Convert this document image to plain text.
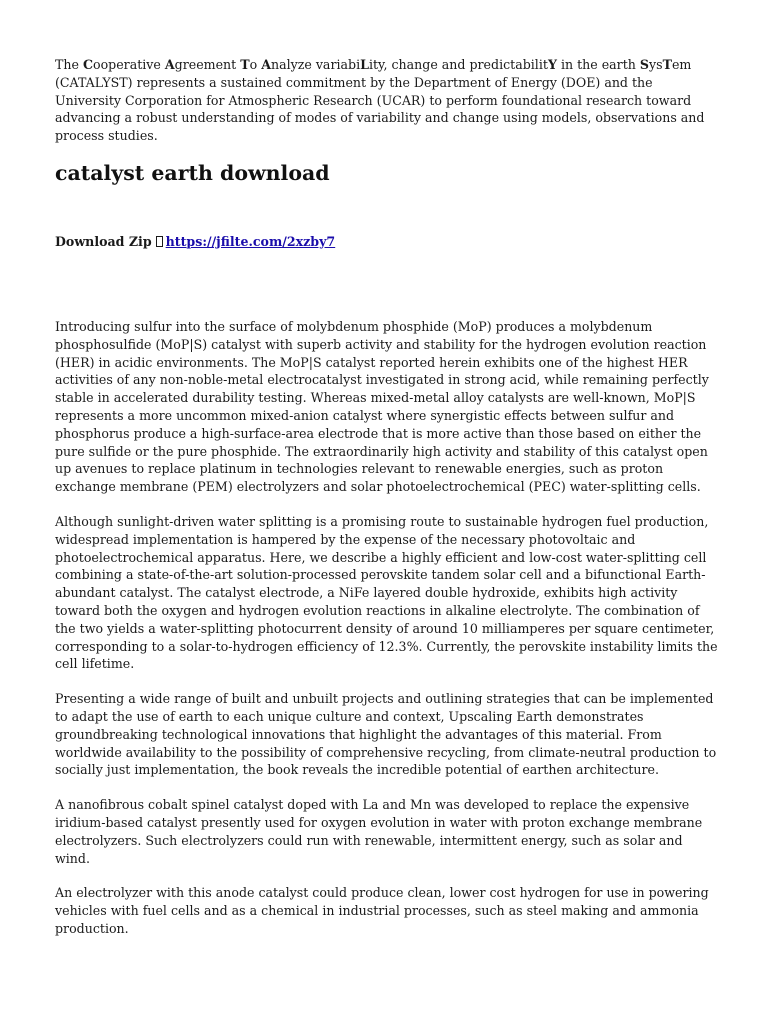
The Cooperative Agreement To Analyze variabiLity, change and predictabilitY in the earth SysTem (CATALYST) represents a sustained commitment by the Department of Energy (DOE) and the University Corporation for Atmospheric Research (UCAR) to perform foundational research toward advancing a robust understanding of modes of variability and change using models, observations and process studies.

catalyst earth download
Download Zip https://jfilte.com/2xzby7

Introducing sulfur into the surface of molybdenum phosphide (MoP) produces a molybdenum phosphosulfide (MoP|S) catalyst with superb activity and stability for the hydrogen evolution reaction (HER) in acidic environments. The MoP|S catalyst reported herein exhibits one of the highest HER activities of any non-noble-metal electrocatalyst investigated in strong acid, while remaining perfectly stable in accelerated durability testing. Whereas mixed-metal alloy catalysts are well-known, MoP|S represents a more uncommon mixed-anion catalyst where synergistic effects between sulfur and phosphorus produce a high-surface-area electrode that is more active than those based on either the pure sulfide or the pure phosphide. The extraordinarily high activity and stability of this catalyst open up avenues to replace platinum in technologies relevant to renewable energies, such as proton exchange membrane (PEM) electrolyzers and solar photoelectrochemical (PEC) water-splitting cells.

Although sunlight-driven water splitting is a promising route to sustainable hydrogen fuel production, widespread implementation is hampered by the expense of the necessary photovoltaic and photoelectrochemical apparatus. Here, we describe a highly efficient and low-cost water-splitting cell combining a state-of-the-art solution-processed perovskite tandem solar cell and a bifunctional Earth-abundant catalyst. The catalyst electrode, a NiFe layered double hydroxide, exhibits high activity toward both the oxygen and hydrogen evolution reactions in alkaline electrolyte. The combination of the two yields a water-splitting photocurrent density of around 10 milliamperes per square centimeter, corresponding to a solar-to-hydrogen efficiency of 12.3%. Currently, the perovskite instability limits the cell lifetime.

Presenting a wide range of built and unbuilt projects and outlining strategies that can be implemented to adapt the use of earth to each unique culture and context, Upscaling Earth demonstrates groundbreaking technological innovations that highlight the advantages of this material. From worldwide availability to the possibility of comprehensive recycling, from climate-neutral production to socially just implementation, the book reveals the incredible potential of earthen architecture.

A nanofibrous cobalt spinel catalyst doped with La and Mn was developed to replace the expensive iridium-based catalyst presently used for oxygen evolution in water with proton exchange membrane electrolyzers. Such electrolyzers could run with renewable, intermittent energy, such as solar and wind.

An electrolyzer with this anode catalyst could produce clean, lower cost hydrogen for use in powering vehicles with fuel cells and as a chemical in industrial processes, such as steel making and ammonia production.
